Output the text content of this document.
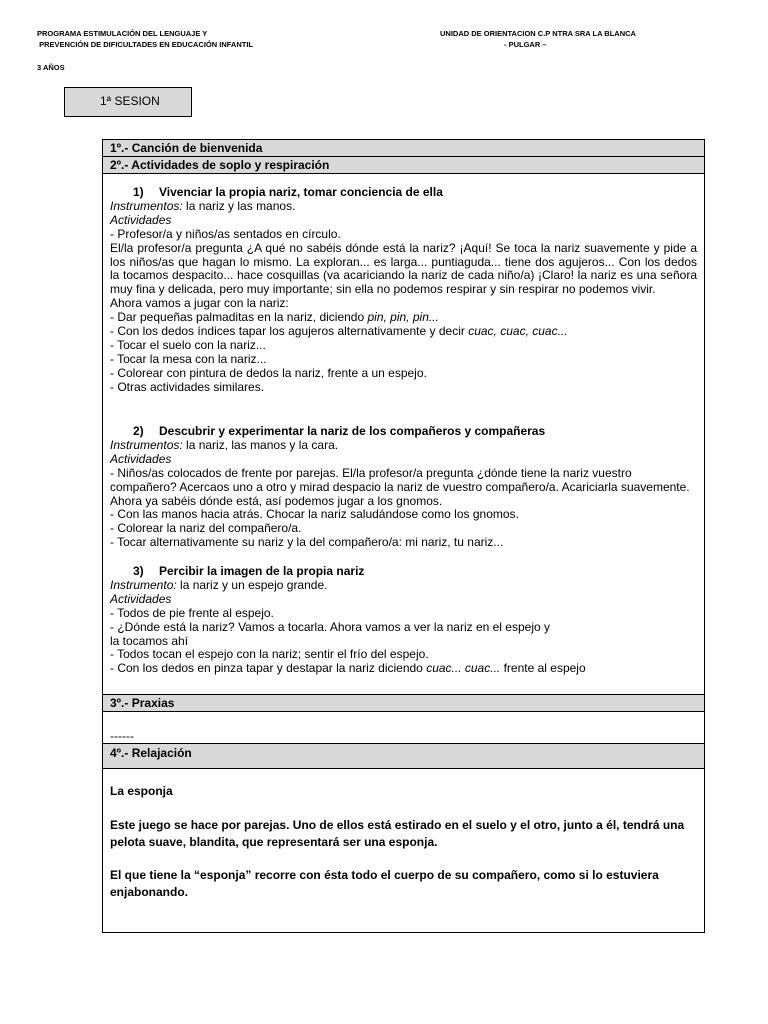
PROGRAMA ESTIMULACIÓN DEL LENGUAJE Y
PREVENCIÓN DE DIFICULTADES EN EDUCACIÓN INFANTIL
UNIDAD DE ORIENTACION C.P NTRA SRA LA BLANCA
- PULGAR –
3 AÑOS
1ª SESION
1º.- Canción de bienvenida
2º.- Actividades de soplo y respiración
1) Vivenciar la propia nariz, tomar conciencia de ella
Instrumentos: la nariz y las manos.
Actividades
- Profesor/a y niños/as sentados en círculo.
El/la profesor/a pregunta ¿A qué no sabéis dónde está la nariz? ¡Aquí! Se toca la nariz suavemente y pide a los niños/as que hagan lo mismo. La exploran... es larga... puntiaguda... tiene dos agujeros... Con los dedos la tocamos despacito... hace cosquillas (va acariciando la nariz de cada niño/a) ¡Claro! la nariz es una señora muy fina y delicada, pero muy importante; sin ella no podemos respirar y sin respirar no podemos vivir.
Ahora vamos a jugar con la nariz:
- Dar pequeñas palmaditas en la nariz, diciendo pin, pin, pin...
- Con los dedos índices tapar los agujeros alternativamente y decir cuac, cuac, cuac...
- Tocar el suelo con la nariz...
- Tocar la mesa con la nariz...
- Colorear con pintura de dedos la nariz, frente a un espejo.
- Otras actividades similares.
2) Descubrir y experimentar la nariz de los compañeros y compañeras
Instrumentos: la nariz, las manos y la cara.
Actividades
- Niños/as colocados de frente por parejas. El/la profesor/a pregunta ¿dónde tiene la nariz vuestro compañero? Acercaos uno a otro y mirad despacio la nariz de vuestro compañero/a. Acariciarla suavemente. Ahora ya sabéis dónde está, así podemos jugar a los gnomos.
- Con las manos hacia atrás. Chocar la nariz saludándose como los gnomos.
- Colorear la nariz del compañero/a.
- Tocar alternativamente su nariz y la del compañero/a: mi nariz, tu nariz...
3) Percibir la imagen de la propia nariz
Instrumento: la nariz y un espejo grande.
Actividades
- Todos de pie frente al espejo.
- ¿Dónde está la nariz? Vamos a tocarla. Ahora vamos a ver la nariz en el espejo y
la tocamos ahí
- Todos tocan el espejo con la nariz; sentir el frío del espejo.
- Con los dedos en pinza tapar y destapar la nariz diciendo cuac... cuac... frente al espejo
3º.- Praxias
------
4º.- Relajación

La esponja

Este juego se hace por parejas. Uno de ellos está estirado en el suelo y el otro, junto a él, tendrá una pelota suave, blandita, que representará ser una esponja.

El que tiene la “esponja” recorre con ésta todo el cuerpo de su compañero, como si lo estuviera enjabonando.
